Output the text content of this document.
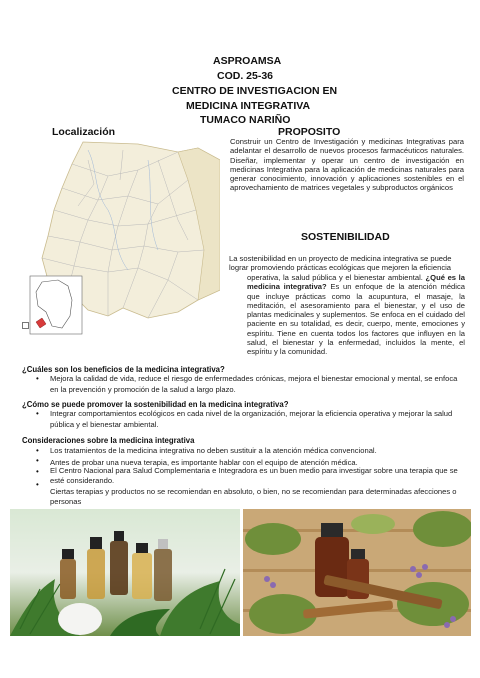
ASPROAMSA
COD. 25-36
CENTRO DE INVESTIGACION EN
MEDICINA INTEGRATIVA
TUMACO NARIÑO
Localización	PROPOSITO
Construir un Centro de Investigación y medicinas Integrativas para adelantar el desarrollo de nuevos procesos farmacéuticos naturales. Diseñar, implementar y operar un centro de investigación en medicinas Integrativa para la aplicación de medicinas naturales para generar conocimiento, innovación y aplicaciones sostenibles en el aprovechamiento de matrices vegetales y subproductos orgánicos
SOSTENIBILIDAD
La sostenibilidad en un proyecto de medicina integrativa se puede lograr promoviendo prácticas ecológicas que mejoren la eficiencia
operativa, la salud pública y el bienestar ambiental. ¿Qué es la medicina integrativa? Es un enfoque de la atención médica que incluye prácticas como la acupuntura, el masaje, la meditación, el asesoramiento para el bienestar, y el uso de plantas medicinales y suplementos. Se enfoca en el cuidado del paciente en su totalidad, es decir, cuerpo, mente, emociones y espíritu. Tiene en cuenta todos los factores que influyen en la salud, el bienestar y la enfermedad, incluidos la mente, el espíritu y la comunidad.
¿Cuáles son los beneficios de la medicina integrativa?
• Mejora la calidad de vida, reduce el riesgo de enfermedades crónicas, mejora el bienestar emocional y mental, se enfoca en la prevención y promoción de la salud a largo plazo.
¿Cómo se puede promover la sostenibilidad en la medicina integrativa?
• Integrar comportamientos ecológicos en cada nivel de la organización, mejorar la eficiencia operativa y mejorar la salud pública y el bienestar ambiental.
Consideraciones sobre la medicina integrativa
• Los tratamientos de la medicina integrativa no deben sustituir a la atención médica convencional.
• Antes de probar una nueva terapia, es importante hablar con el equipo de atención médica.
• El Centro Nacional para Salud Complementaria e Integradora es un buen medio para investigar sobre una terapia que se esté considerando.
•
Ciertas terapias y productos no se recomiendan en absoluto, o bien, no se recomiendan para determinadas afecciones o personas
